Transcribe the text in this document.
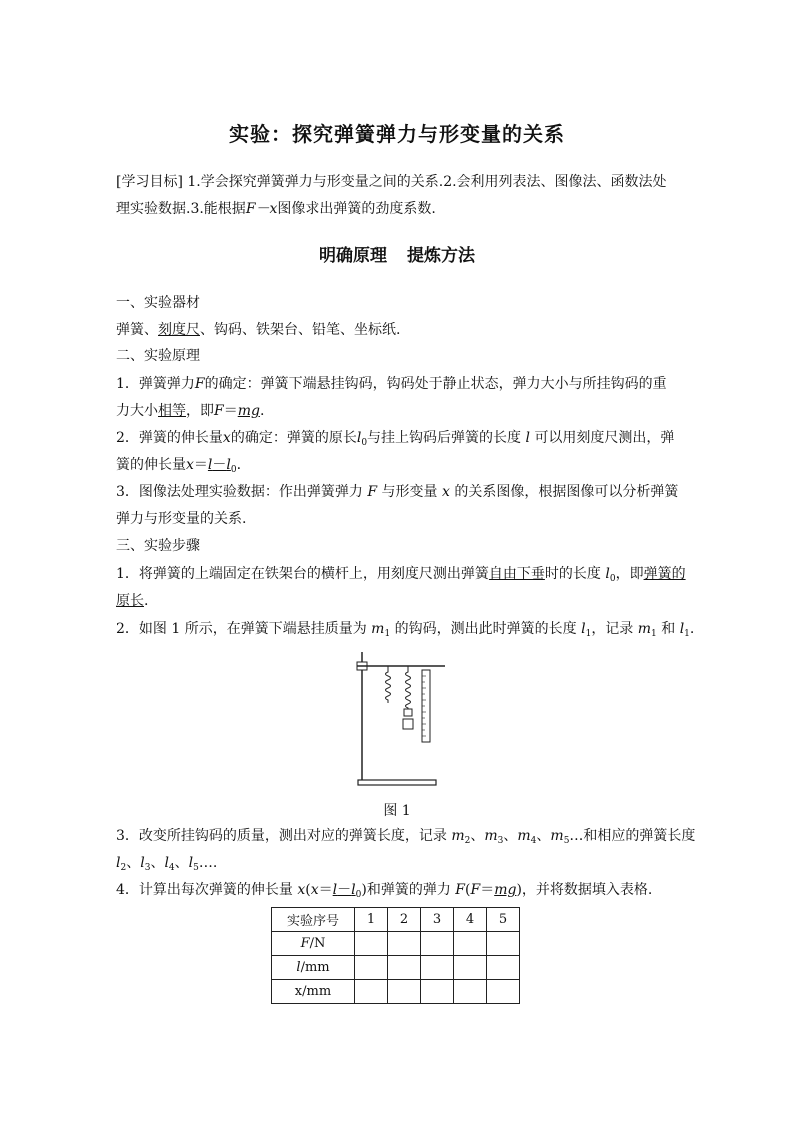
实验：探究弹簧弹力与形变量的关系
[学习目标] 1.学会探究弹簧弹力与形变量之间的关系.2.会利用列表法、图像法、函数法处理实验数据.3.能根据F－x图像求出弹簧的劲度系数.
明确原理 提炼方法
一、实验器材
弹簧、刻度尺、钩码、铁架台、铅笔、坐标纸.
二、实验原理
1．弹簧弹力F的确定：弹簧下端悬挂钩码，钩码处于静止状态，弹力大小与所挂钩码的重
力大小相等，即F＝mg.
2．弹簧的伸长量x的确定：弹簧的原长$l_0$与挂上钩码后弹簧的长度 l 可以用刻度尺测出，弹
簧的伸长量$x=l-l_0$.
3．图像法处理实验数据：作出弹簧弹力 F 与形变量 x 的关系图像，根据图像可以分析弹簧
弹力与形变量的关系.
三、实验步骤
1．将弹簧的上端固定在铁架台的横杆上，用刻度尺测出弹簧自由下垂时的长度 $l_0$，即弹簧的
原长.
2．如图 1 所示，在弹簧下端悬挂质量为 $m_1$ 的钩码，测出此时弹簧的长度 $l_1$，记录 $m_1$ 和 $l_1$.
图 1
3．改变所挂钩码的质量，测出对应的弹簧长度，记录 $m_2$、$m_3$、$m_4$、$m_5\dots$和相应的弹簧长度
$l_2$、$l_3$、$l_4$、$l_5\dots$.
4．计算出每次弹簧的伸长量 $x(x=l-l_0)$和弹簧的弹力 F(F＝mg)，并将数据填入表格.
实验序号	1	2	3	4	5
F/N					
l/mm					
x/mm					
